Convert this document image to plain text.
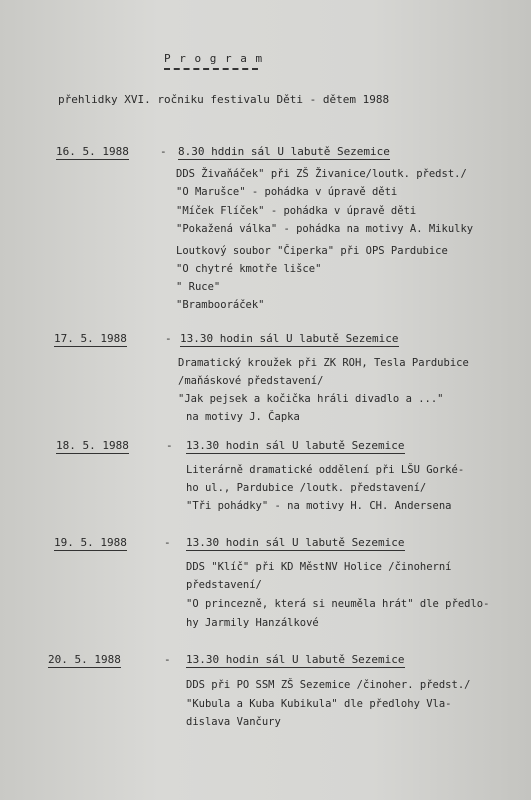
P r o g r a m
přehlidky XVI. ročniku festivalu Děti - dětem 1988
16. 5. 1988	- 8.30 hddin sál U labutě Sezemice
DDS Živaňáček" při ZŠ Živanice/loutk. předst./
"O Marušce" - pohádka v úpravě děti
"Míček Flíček" - pohádka v úpravě děti
"Pokažená válka" - pohádka na motivy A. Mikulky
Loutkový soubor "Čiperka" při OPS Pardubice
"O chytré kmotře lišce"
" Ruce"
"Brambooráček"
17. 5. 1988	- 13.30 hodin sál U labutě Sezemice
Dramatický kroužek při ZK ROH, Tesla Pardubice
/maňáskové představení/
"Jak pejsek a kočička hráli divadlo a ..."
na motivy J. Čapka
18. 5. 1988	- 13.30 hodin sál U labutě Sezemice
Literárně dramatické oddělení při LŠU Gorké-
ho ul., Pardubice /loutk. představení/
"Tři pohádky" - na motivy H. CH. Andersena
19. 5. 1988	- 13.30 hodin sál U labutě Sezemice
DDS "Klíč" při KD MěstNV Holice /činoherní
představení/
"O princezně, která si neuměla hrát" dle předlo-
hy Jarmily Hanzálkové
20. 5. 1988	- 13.30 hodin sál U labutě Sezemice
DDS při PO SSM ZŠ Sezemice /činoher. předst./
"Kubula a Kuba Kubikula" dle předlohy Vla-
dislava Vančury
